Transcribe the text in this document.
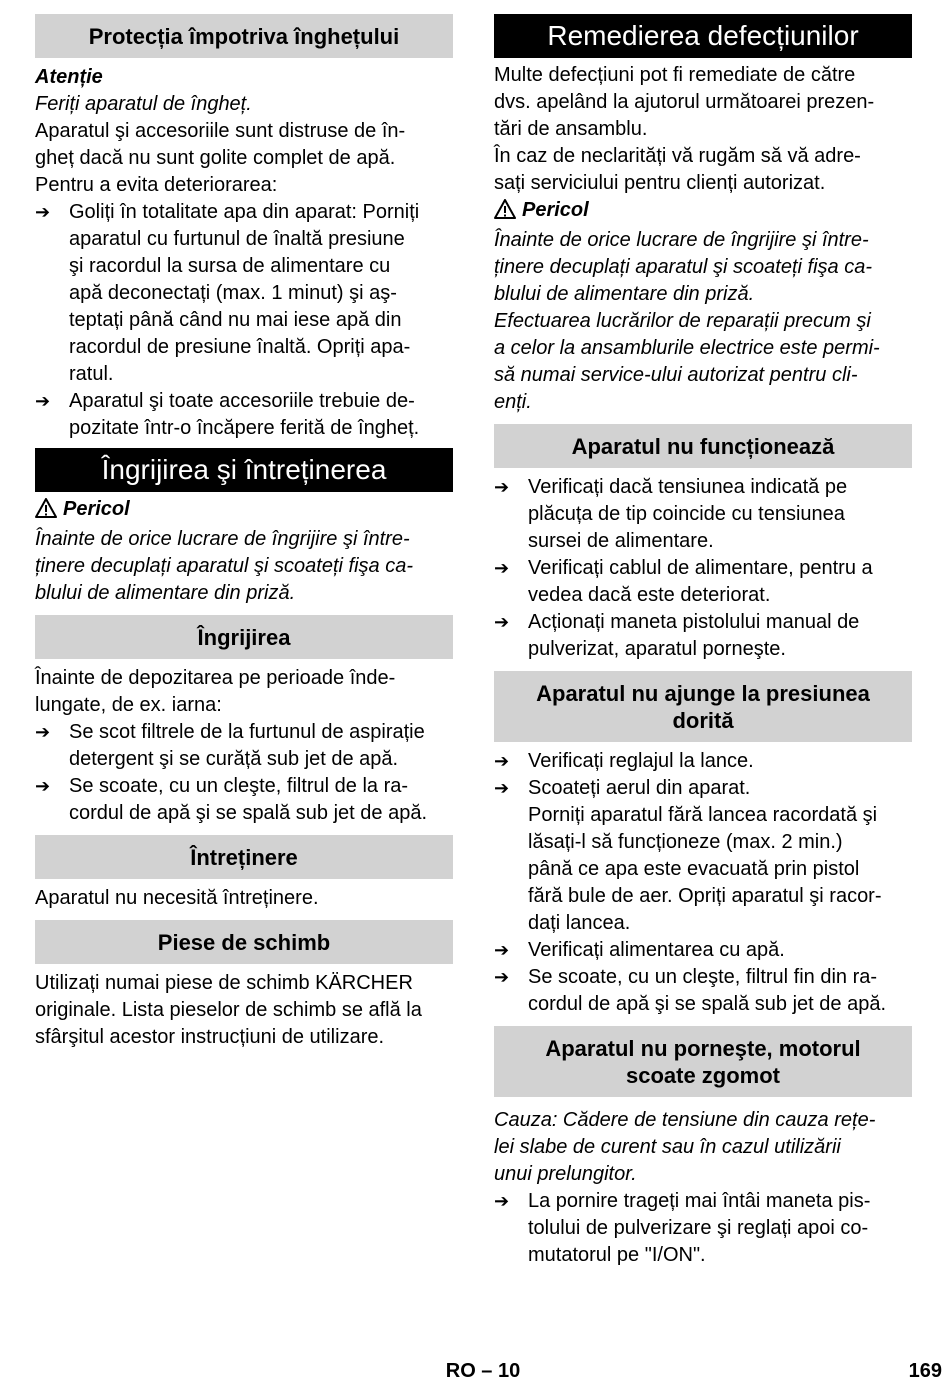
Protecția împotriva înghețului

Atenție

Feriți aparatul de îngheț.

Aparatul şi accesoriile sunt distruse de în-
gheț dacă nu sunt golite complet de apă.
Pentru a evita deteriorarea:

➔ Goliți în totalitate apa din aparat: Porniți
aparatul cu furtunul de înaltă presiune
şi racordul la sursa de alimentare cu
apă deconectați (max. 1 minut) şi aş-
teptați până când nu mai iese apă din
racordul de presiune înaltă. Opriți apa-
ratul.
➔ Aparatul şi toate accesoriile trebuie de-
pozitate într-o încăpere ferită de îngheț.
Îngrijirea şi întreținerea

Pericol

Înainte de orice lucrare de îngrijire şi între-
ținere decuplați aparatul şi scoateți fişa ca-
blului de alimentare din priză.

Îngrijirea

Înainte de depozitarea pe perioade înde-
lungate, de ex. iarna:

➔ Se scot filtrele de la furtunul de aspirație
detergent şi se curăță sub jet de apă.
➔ Se scoate, cu un cleşte, filtrul de la ra-
cordul de apă şi se spală sub jet de apă.
Întreținere

Aparatul nu necesită întreținere.

Piese de schimb

Utilizați numai piese de schimb KÄRCHER
originale. Lista pieselor de schimb se află la
sfârşitul acestor instrucțiuni de utilizare.

Remedierea defecțiunilor

Multe defecțiuni pot fi remediate de către
dvs. apelând la ajutorul următoarei prezen-
tări de ansamblu.

În caz de neclarități vă rugăm să vă adre-
sați serviciului pentru clienți autorizat.

Pericol

Înainte de orice lucrare de îngrijire şi între-
ținere decuplați aparatul şi scoateți fişa ca-
blului de alimentare din priză.
Efectuarea lucrărilor de reparații precum şi
a celor la ansamblurile electrice este permi-
să numai service-ului autorizat pentru cli-
enți.

Aparatul nu funcționează
➔ Verificați dacă tensiunea indicată pe
plăcuța de tip coincide cu tensiunea
sursei de alimentare.
➔ Verificați cablul de alimentare, pentru a
vedea dacă este deteriorat.
➔ Acționați maneta pistolului manual de
pulverizat, aparatul porneşte.
Aparatul nu ajunge la presiunea
dorită
➔ Verificați reglajul la lance.
➔ Scoateți aerul din aparat.

Porniți aparatul fără lancea racordată şi
lăsați-l să funcționeze (max. 2 min.)
până ce apa este evacuată prin pistol
fără bule de aer. Opriți aparatul şi racor-
dați lancea.

➔ Verificați alimentarea cu apă.
➔ Se scoate, cu un cleşte, filtrul fin din ra-
cordul de apă şi se spală sub jet de apă.
Aparatul nu porneşte, motorul
scoate zgomot

Cauza: Cădere de tensiune din cauza rețe-
lei slabe de curent sau în cazul utilizării
unui prelungitor.

➔ La pornire trageți mai întâi maneta pis-
tolului de pulverizare şi reglați apoi co-
mutatorul pe "I/ON".
RO – 10	169
